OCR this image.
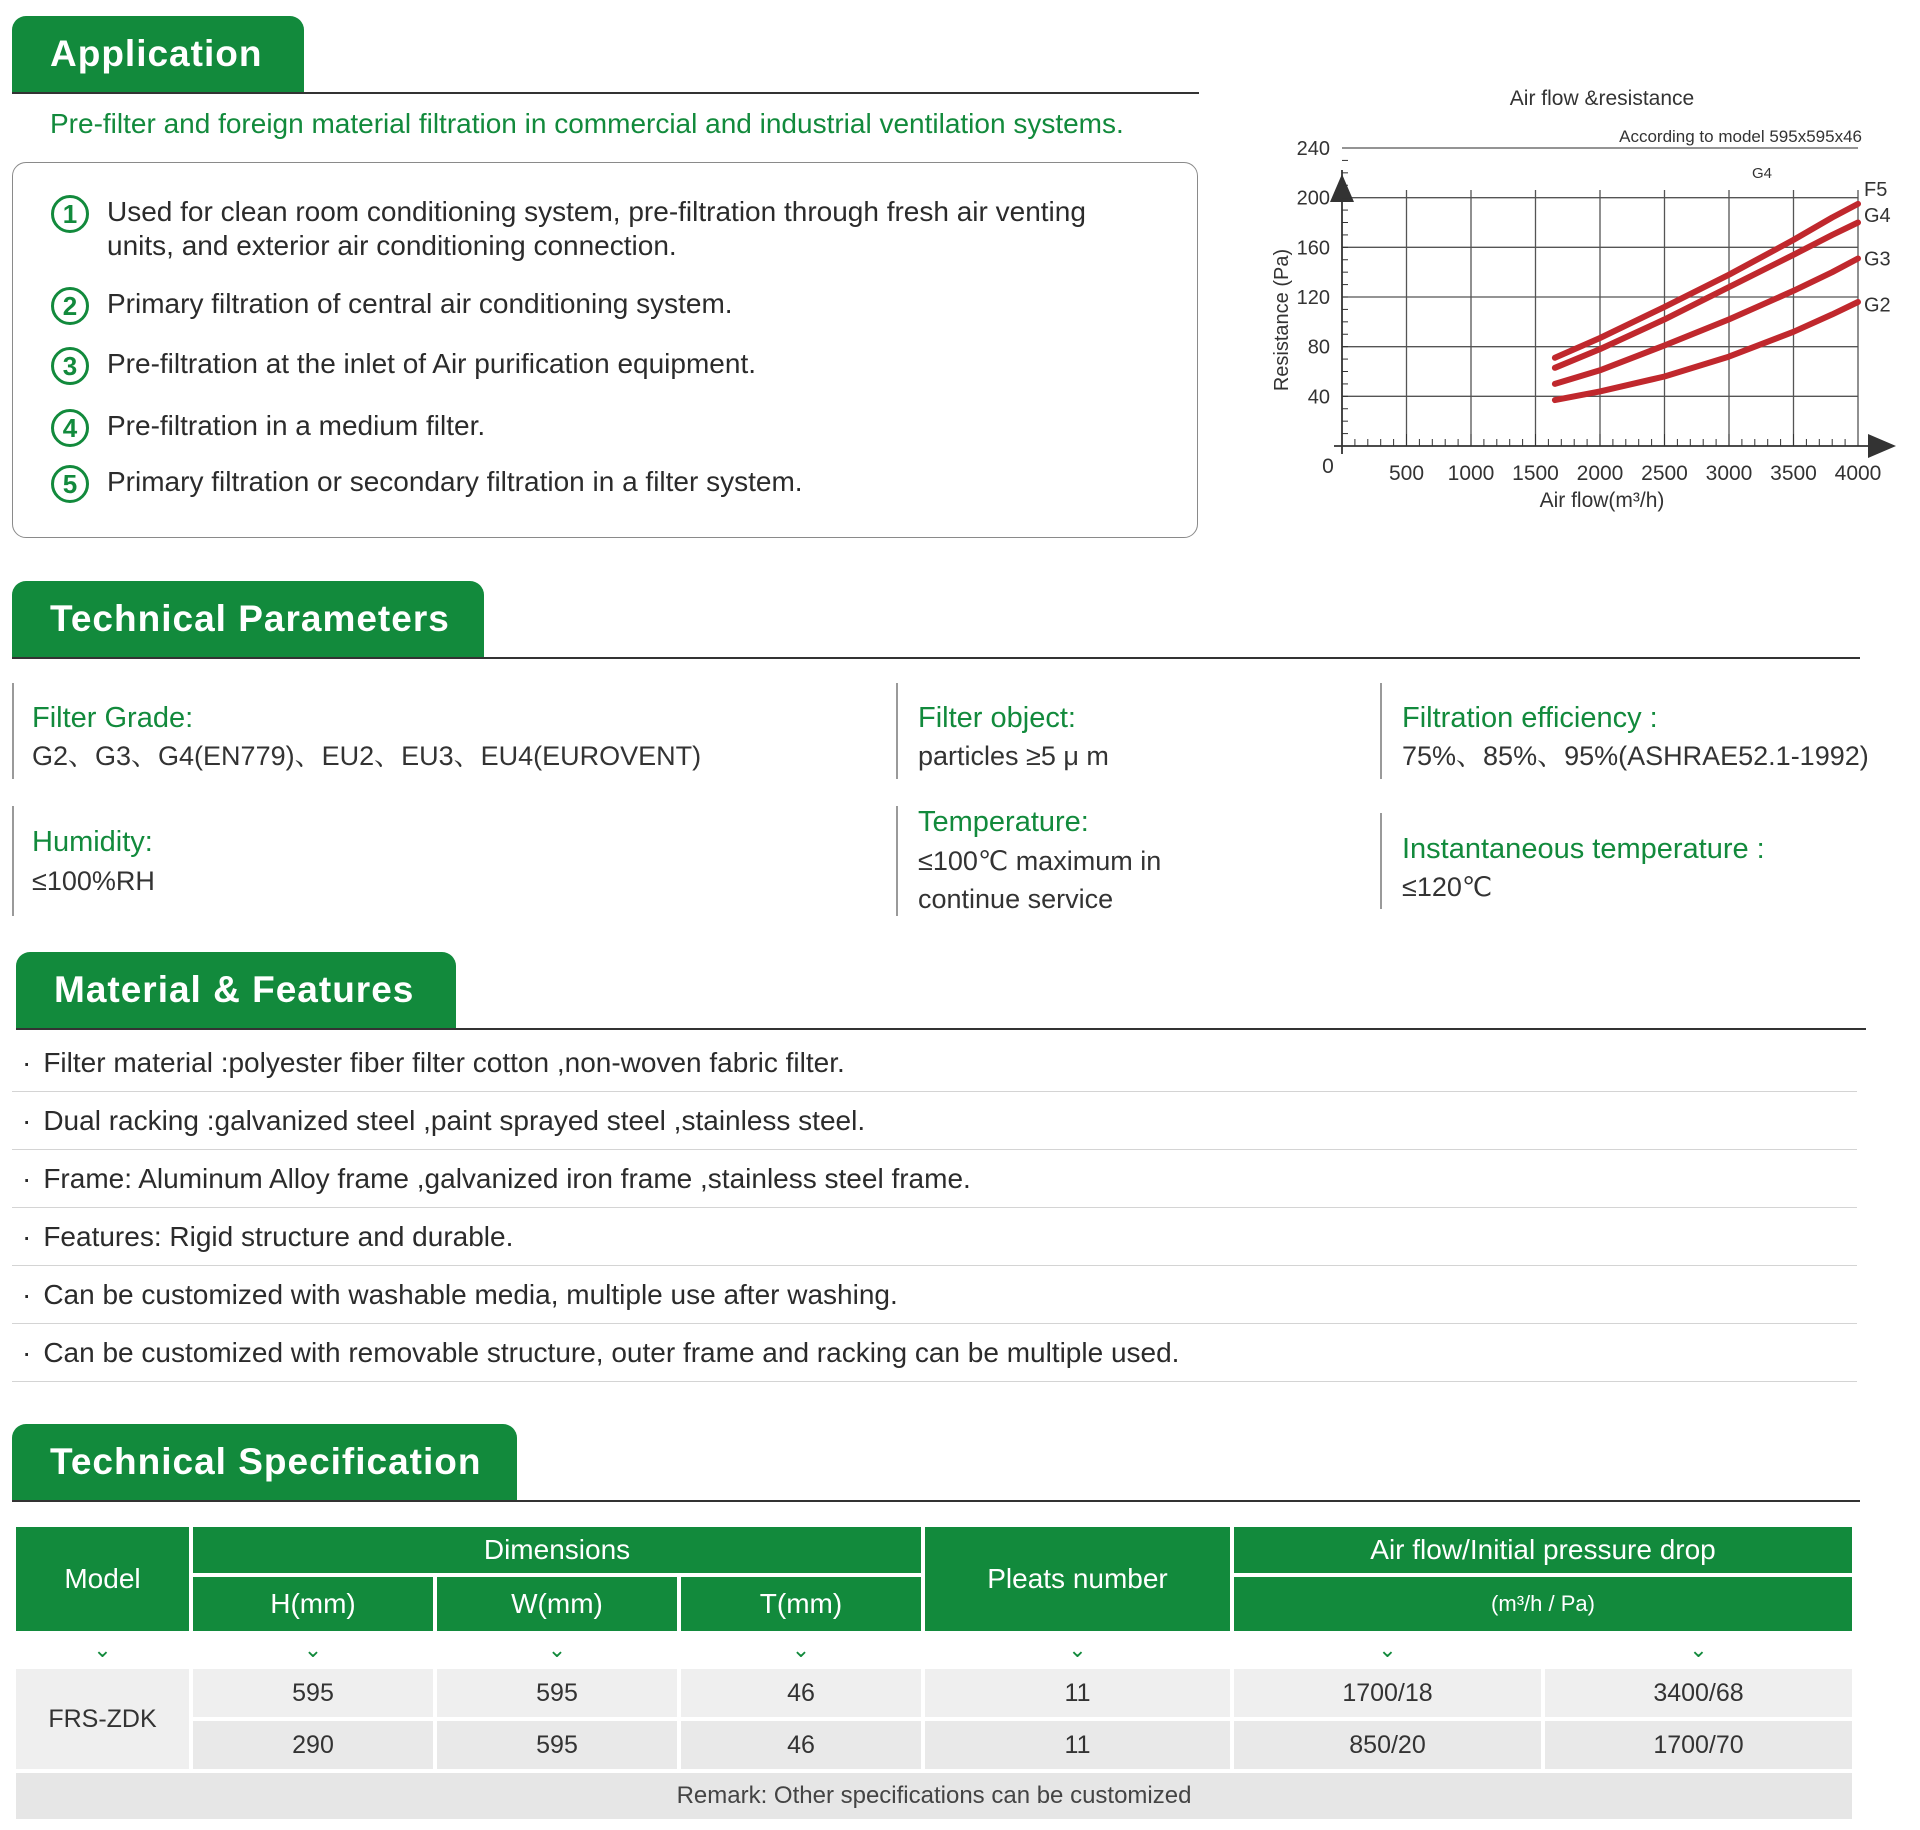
Application
Pre-filter and foreign material filtration in commercial and industrial ventilation systems.
1	Used for clean room conditioning system, pre-filtration through fresh air venting
units, and exterior air conditioning connection.
2	Primary filtration of central air conditioning system.
3	Pre-filtration at the inlet of Air purification equipment.
4	Pre-filtration in a medium filter.
5	Primary filtration or secondary filtration in a filter system.
Air flow &resistance
According to model 595x595x46
G4
40
80
120
160
200
240
500 1000 1500 2000 2500 3000 3500 4000
F5
G4
G3
G2
0
Air flow(m³/h)
Resistance (Pa)
Technical Parameters
Filter Grade:
G2、G3、G4(EN779)、EU2、EU3、EU4(EUROVENT)
Filter object:
particles ≥5 μ m
Filtration efficiency :
75%、85%、95%(ASHRAE52.1-1992)
Humidity:
≤100%RH
Temperature:
≤100℃ maximum in
continue service
Instantaneous temperature :
≤120℃
Material & Features
· Filter material :polyester fiber filter cotton ,non-woven fabric filter.
· Dual racking :galvanized steel ,paint sprayed steel ,stainless steel.
· Frame: Aluminum Alloy frame ,galvanized iron frame ,stainless steel frame.
· Features: Rigid structure and durable.
· Can be customized with washable media, multiple use after washing.
· Can be customized with removable structure, outer frame and racking can be multiple used.
Technical Specification
Model	Dimensions			Pleats number	Air flow/Initial pressure drop	
	H(mm)	W(mm)	T(mm)		(m³/h / Pa)	
⌄	⌄	⌄	⌄	⌄	⌄	⌄
FRS-ZDK	595	595	46	11	1700/18	3400/68
	290	595	46	11	850/20	1700/70
Remark: Other specifications can be customized						
